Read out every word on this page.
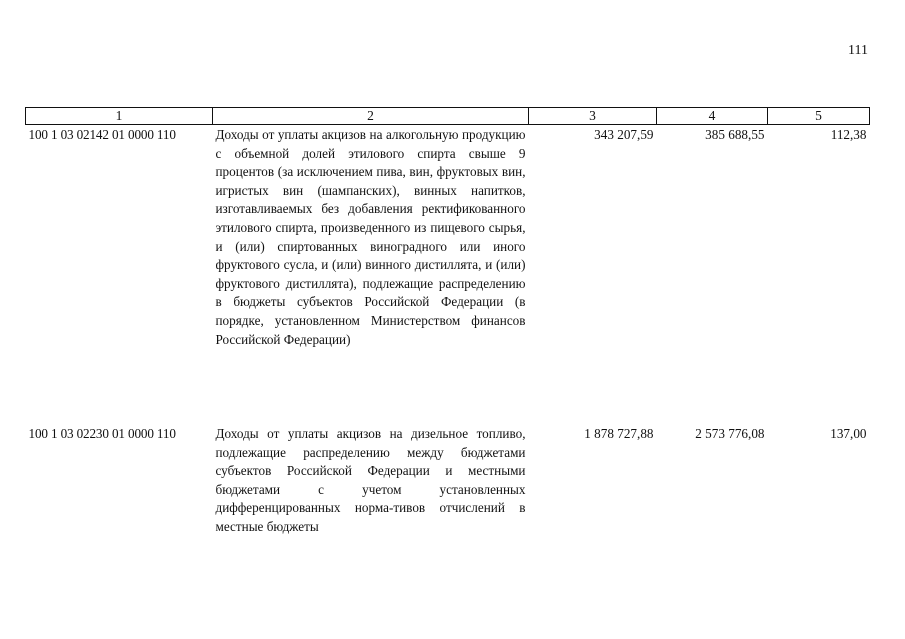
111
1	2	3	4	5
100 1 03 02142 01 0000 110	Доходы от уплаты акцизов на алкогольную продукцию с объемной долей этилового спирта свыше 9 процентов (за исключением пива, вин, фруктовых вин, игристых вин (шампанских), винных напитков, изготавливаемых без добавления ректификованного этилового спирта, произведенного из пищевого сырья, и (или) спиртованных виноградного или иного фруктового сусла, и (или) винного дистиллята, и (или) фруктового дистиллята), подлежащие распределению в бюджеты субъектов Российской Федерации (в порядке, установленном Министерством финансов Российской Федерации)	343 207,59	385 688,55	112,38
100 1 03 02230 01 0000 110	Доходы от уплаты акцизов на дизельное топливо, подлежащие распределению между бюджетами субъектов Российской Федерации и местными бюджетами с учетом установленных дифференцированных норма-тивов отчислений в местные бюджеты	1 878 727,88	2 573 776,08	137,00
